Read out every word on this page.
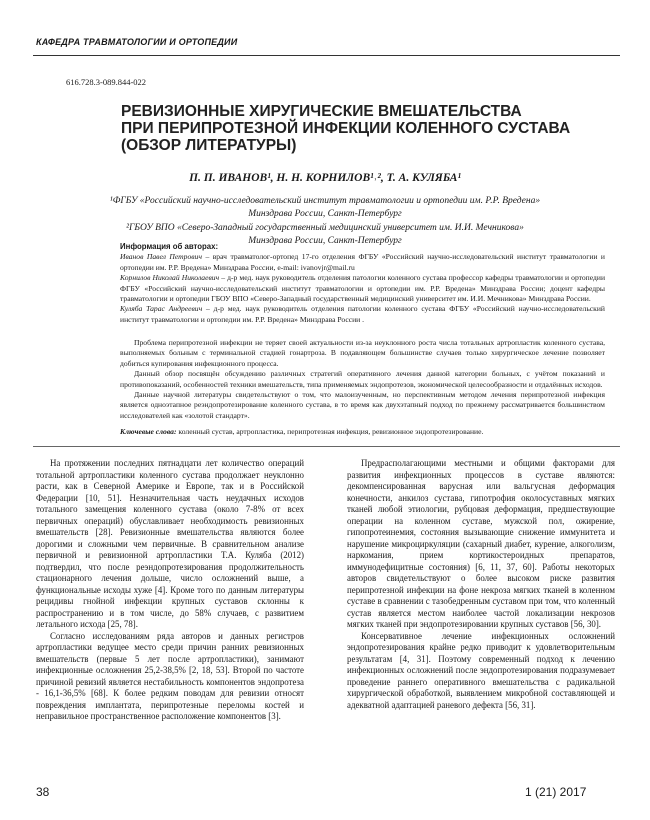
КАФЕДРА ТРАВМАТОЛОГИИ И ОРТОПЕДИИ
616.728.3-089.844-022
РЕВИЗИОННЫЕ ХИРУГИЧЕСКИЕ ВМЕШАТЕЛЬСТВА
ПРИ ПЕРИПРОТЕЗНОЙ ИНФЕКЦИИ КОЛЕННОГО СУСТАВА
(ОБЗОР ЛИТЕРАТУРЫ)
П. П. ИВАНОВ¹, Н. Н. КОРНИЛОВ¹˒², Т. А. КУЛЯБА¹
¹ФГБУ «Российский научно-исследовательский институт травматологии и ортопедии им. Р.Р. Вредена»
Минздрава России, Санкт-Петербург
²ГБОУ ВПО «Северо-Западный государственный медицинский университет им. И.И. Мечникова»
Минздрава России, Санкт-Петербург
Информация об авторах:

Иванов Павел Петрович – врач травматолог-ортопед 17-го отделения ФГБУ «Российский научно-исследовательский институт травматологии и ортопедии им. Р.Р. Вредена» Минздрава России, e-mail: ivanovjr@mail.ru

Корнилов Николай Николаевич – д-р мед. наук руководитель отделения патологии коленного сустава профессор кафедры травматологии и ортопедии ФГБУ «Российский научно-исследовательский институт травматологии и ортопедии им. Р.Р. Вредена» Минздрава России; доцент кафедры травматологии и ортопедии ГБОУ ВПО «Северо-Западный государственный медицинский университет им. И.И. Мечникова» Минздрава России.

Куляба Тарас Андреевич – д-р мед. наук руководитель отделения патологии коленного сустава ФГБУ «Российский научно-исследовательский институт травматологии и ортопедии им. Р.Р. Вредена» Минздрава России .

Проблема перипротезной инфекции не теряет своей актуальности из-за неуклонного роста числа тотальных артропластик коленного сустава, выполняемых больным с терминальной стадией гонартроза. В подавляющем большинстве случаев только хирургическое лечение позволяет добиться купирования инфекционного процесса.

Данный обзор посвящён обсуждению различных стратегий оперативного лечения данной категории больных, с учётом показаний и противопоказаний, особенностей техники вмешательств, типа применяемых эндопротезов, экономической целесообразности и отдалённых исходов.

Данные научной литературы свидетельствуют о том, что малоизученным, но перспективным методом лечения перипротезной инфекция является одноэтапное реэндопротезирование коленного сустава, в то время как двухэтапный подход по прежнему рассматривается большинством исследователей как «золотой стандарт».

Ключевые слова: коленный сустав, артропластика, перипротезная инфекция, ревизионное эндопротезирование.

На протяжении последних пятнадцати лет количество операций тотальной артропластики коленного сустава продолжает неуклонно расти, как в Северной Америке и Европе, так и в Российской Федерации [10, 51]. Незначительная часть неудачных исходов тотального замещения коленного сустава (около 7-8% от всех первичных операций) обуславливает необходимость ревизионных вмешательств [28]. Ревизионные вмешательства являются более дорогими и сложными чем первичные. В сравнительном анализе первичной и ревизионной артропластики Т.А. Куляба (2012) подтвердил, что после реэндопротезирования продолжительность стационарного лечения дольше, число осложнений выше, а функциональные исходы хуже [4]. Кроме того по данным литературы рецидивы гнойной инфекции крупных суставов склонны к распространению и в том числе, до 58% случаев, с развитием летального исхода [25, 78].

Согласно исследованиям ряда авторов и данных регистров артропластики ведущее место среди причин ранних ревизионных вмешательств (первые 5 лет после артропластики), занимают инфекционные осложнения 25,2-38,5% [2, 18, 53]. Второй по частоте причиной ревизий является нестабильность компонентов эндопротеза - 16,1-36,5% [68]. К более редким поводам для ревизии относят повреждения имплантата, перипротезные переломы костей и неправильное пространственное расположение компонентов [3].

Предрасполагающими местными и общими факторами для развития инфекционных процессов в суставе являются: декомпенсированная варусная или вальгусная деформация конечности, анкилоз сустава, гипотрофия околосуставных мягких тканей любой этиологии, рубцовая деформация, предшествующие операции на коленном суставе, мужской пол, ожирение, гипопротеинемия, состояния вызывающие снижение иммунитета и нарушение микроциркуляции (сахарный диабет, курение, алкоголизм, наркомания, прием кортикостероидных препаратов, иммунодефицитные состояния) [6, 11, 37, 60]. Работы некоторых авторов свидетельствуют о более высоком риске развития перипротезной инфекции на фоне некроза мягких тканей в коленном суставе в сравнении с тазобедренным суставом при том, что коленный сустав является местом наиболее частой локализации некрозов мягких тканей при эндопротезировании крупных суставов [56, 30].

Консервативное лечение инфекционных осложнений эндопротезирования крайне редко приводит к удовлетворительным результатам [4, 31]. Поэтому современный подход к лечению инфекционных осложнений после эндопротезирования подразумевает проведение раннего оперативного вмешательства с радикальной хирургической обработкой, выявлением микробной составляющей и адекватной адаптацией раневого дефекта [56, 31].

38	1 (21) 2017
